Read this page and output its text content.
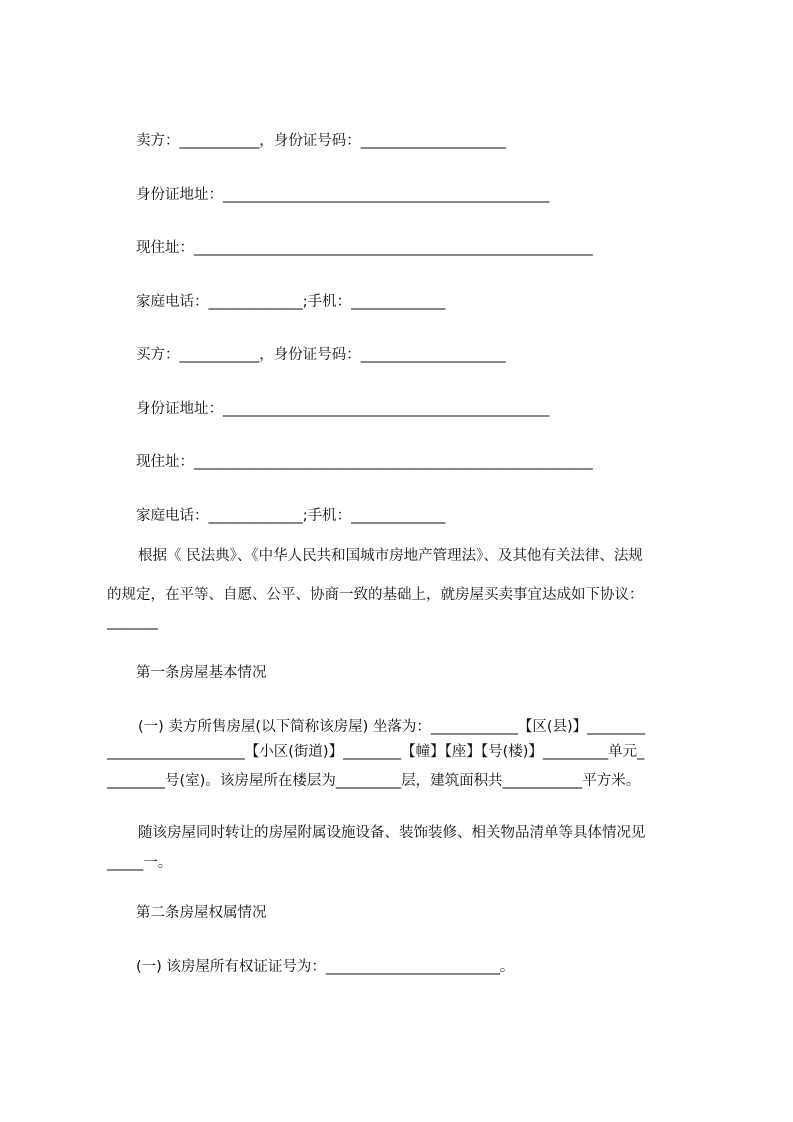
卖方：___________，身份证号码：____________________
身份证地址：_____________________________________________
现住址：_______________________________________________________
家庭电话：_____________;手机：_____________
买方：___________，身份证号码：____________________
身份证地址：_____________________________________________
现住址：_______________________________________________________
家庭电话：_____________;手机：_____________
根据《 民法典》、《中华人民共和国城市房地产管理法》、及其他有关法律、法规
的规定，在平等、自愿、公平、协商一致的基础上，就房屋买卖事宜达成如下协议：
_______
第一条房屋基本情况
(一) 卖方所售房屋(以下简称该房屋) 坐落为：____________【区(县)】________
___________________【小区(街道)】________【幢】【座】【号(楼)】_________单元_
________号(室)。该房屋所在楼层为_________层，建筑面积共___________平方米。
随该房屋同时转让的房屋附属设施设备、装饰装修、相关物品清单等具体情况见
_____一。
第二条房屋权属情况
(一) 该房屋所有权证证号为：________________________。
